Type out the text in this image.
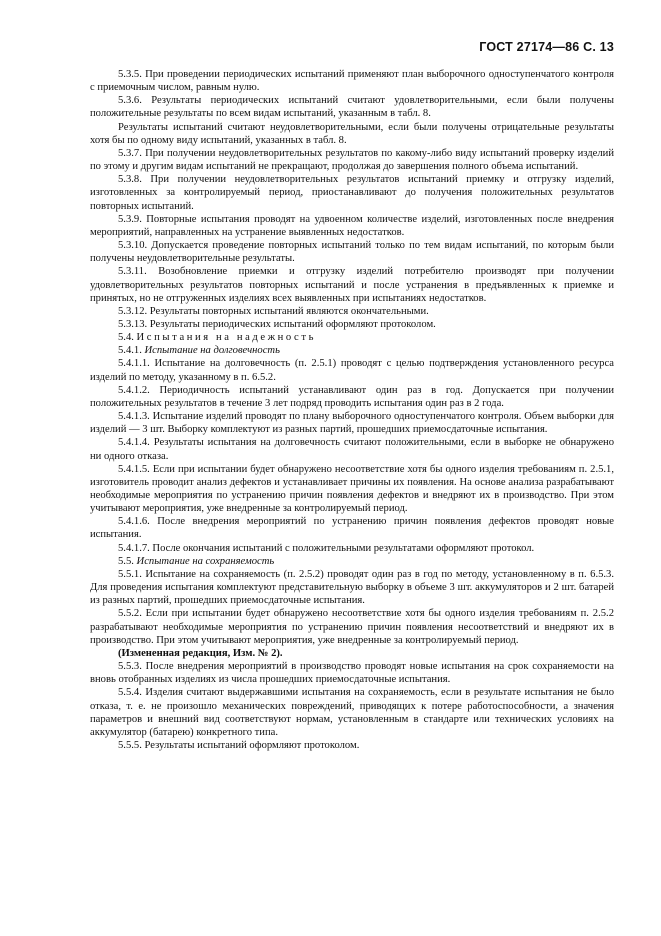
ГОСТ 27174—86 С. 13

5.3.5. При проведении периодических испытаний применяют план выборочного одноступенчатого контроля с приемочным числом, равным нулю.

5.3.6. Результаты периодических испытаний считают удовлетворительными, если были получены положительные результаты по всем видам испытаний, указанным в табл. 8.

Результаты испытаний считают неудовлетворительными, если были получены отрицательные результаты хотя бы по одному виду испытаний, указанных в табл. 8.

5.3.7. При получении неудовлетворительных результатов по какому-либо виду испытаний проверку изделий по этому и другим видам испытаний не прекращают, продолжая до завершения полного объема испытаний.

5.3.8. При получении неудовлетворительных результатов испытаний приемку и отгрузку изделий, изготовленных за контролируемый период, приостанавливают до получения положительных результатов повторных испытаний.

5.3.9. Повторные испытания проводят на удвоенном количестве изделий, изготовленных после внедрения мероприятий, направленных на устранение выявленных недостатков.

5.3.10. Допускается проведение повторных испытаний только по тем видам испытаний, по которым были получены неудовлетворительные результаты.

5.3.11. Возобновление приемки и отгрузку изделий потребителю производят при получении удовлетворительных результатов повторных испытаний и после устранения в предъявленных к приемке и принятых, но не отгруженных изделиях всех выявленных при испытаниях недостатков.

5.3.12. Результаты повторных испытаний являются окончательными.

5.3.13. Результаты периодических испытаний оформляют протоколом.

5.4. Испытания на надежность

5.4.1. Испытание на долговечность

5.4.1.1. Испытание на долговечность (п. 2.5.1) проводят с целью подтверждения установленного ресурса изделий по методу, указанному в п. 6.5.2.

5.4.1.2. Периодичность испытаний устанавливают один раз в год. Допускается при получении положительных результатов в течение 3 лет подряд проводить испытания один раз в 2 года.

5.4.1.3. Испытание изделий проводят по плану выборочного одноступенчатого контроля. Объем выборки для изделий — 3 шт. Выборку комплектуют из разных партий, прошедших приемосдаточные испытания.

5.4.1.4. Результаты испытания на долговечность считают положительными, если в выборке не обнаружено ни одного отказа.

5.4.1.5. Если при испытании будет обнаружено несоответствие хотя бы одного изделия требованиям п. 2.5.1, изготовитель проводит анализ дефектов и устанавливает причины их появления. На основе анализа разрабатывают необходимые мероприятия по устранению причин появления дефектов и внедряют их в производство. При этом учитывают мероприятия, уже внедренные за контролируемый период.

5.4.1.6. После внедрения мероприятий по устранению причин появления дефектов проводят новые испытания.

5.4.1.7. После окончания испытаний с положительными результатами оформляют протокол.

5.5. Испытание на сохраняемость

5.5.1. Испытание на сохраняемость (п. 2.5.2) проводят один раз в год по методу, установленному в п. 6.5.3. Для проведения испытания комплектуют представительную выборку в объеме 3 шт. аккумуляторов и 2 шт. батарей из разных партий, прошедших приемосдаточные испытания.

5.5.2. Если при испытании будет обнаружено несоответствие хотя бы одного изделия требованиям п. 2.5.2 разрабатывают необходимые мероприятия по устранению причин появления несоответствий и внедряют их в производство. При этом учитывают мероприятия, уже внедренные за контролируемый период.

(Измененная редакция, Изм. № 2).

5.5.3. После внедрения мероприятий в производство проводят новые испытания на срок сохраняемости на вновь отобранных изделиях из числа прошедших приемосдаточные испытания.

5.5.4. Изделия считают выдержавшими испытания на сохраняемость, если в результате испытания не было отказа, т. е. не произошло механических повреждений, приводящих к потере работоспособности, а значения параметров и внешний вид соответствуют нормам, установленным в стандарте или технических условиях на аккумулятор (батарею) конкретного типа.

5.5.5. Результаты испытаний оформляют протоколом.
